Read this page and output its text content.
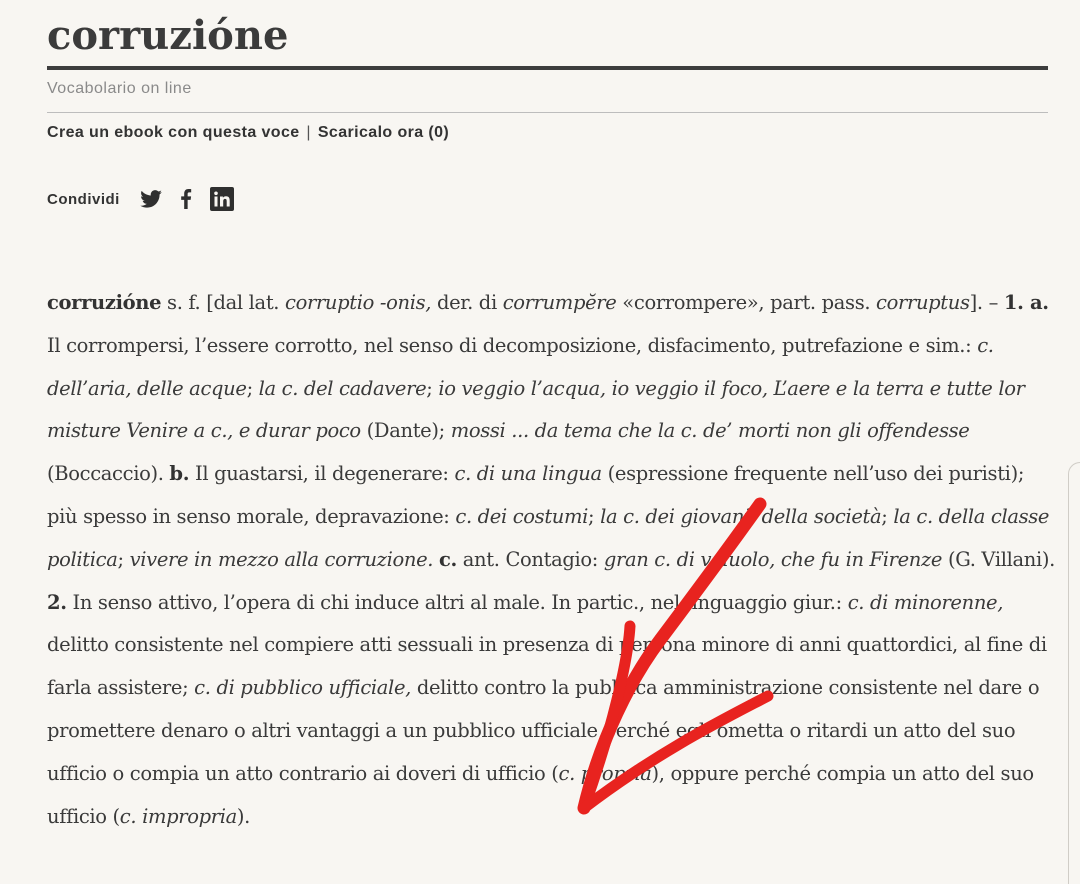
corruzióne
Vocabolario on line
Crea un ebook con questa voce | Scaricalo ora (0)
Condividi

corruzióne s. f. [dal lat. corruptio -onis, der. di corrumpĕre «corrompere», part. pass. corruptus]. – 1. a. Il corrompersi, l’essere corrotto, nel senso di decomposizione, disfacimento, putrefazione e sim.: c. dell’aria, delle acque; la c. del cadavere; io veggio l’acqua, io veggio il foco, L’aere e la terra e tutte lor misture Venire a c., e durar poco (Dante); mossi ... da tema che la c. de’ morti non gli offendesse (Boccaccio). b. Il guastarsi, il degenerare: c. di una lingua (espressione frequente nell’uso dei puristi); più spesso in senso morale, depravazione: c. dei costumi; la c. dei giovani, della società; la c. della classe politica; vivere in mezzo alla corruzione. c. ant. Contagio: gran c. di vaiuolo, che fu in Firenze (G. Villani). 2. In senso attivo, l’opera di chi induce altri al male. In partic., nel linguaggio giur.: c. di minorenne, delitto consistente nel compiere atti sessuali in presenza di persona minore di anni quattordici, al fine di farla assistere; c. di pubblico ufficiale, delitto contro la pubblica amministrazione consistente nel dare o promettere denaro o altri vantaggi a un pubblico ufficiale perché egli ometta o ritardi un atto del suo ufficio o compia un atto contrario ai doveri di ufficio (c. propria), oppure perché compia un atto del suo ufficio (c. impropria).
